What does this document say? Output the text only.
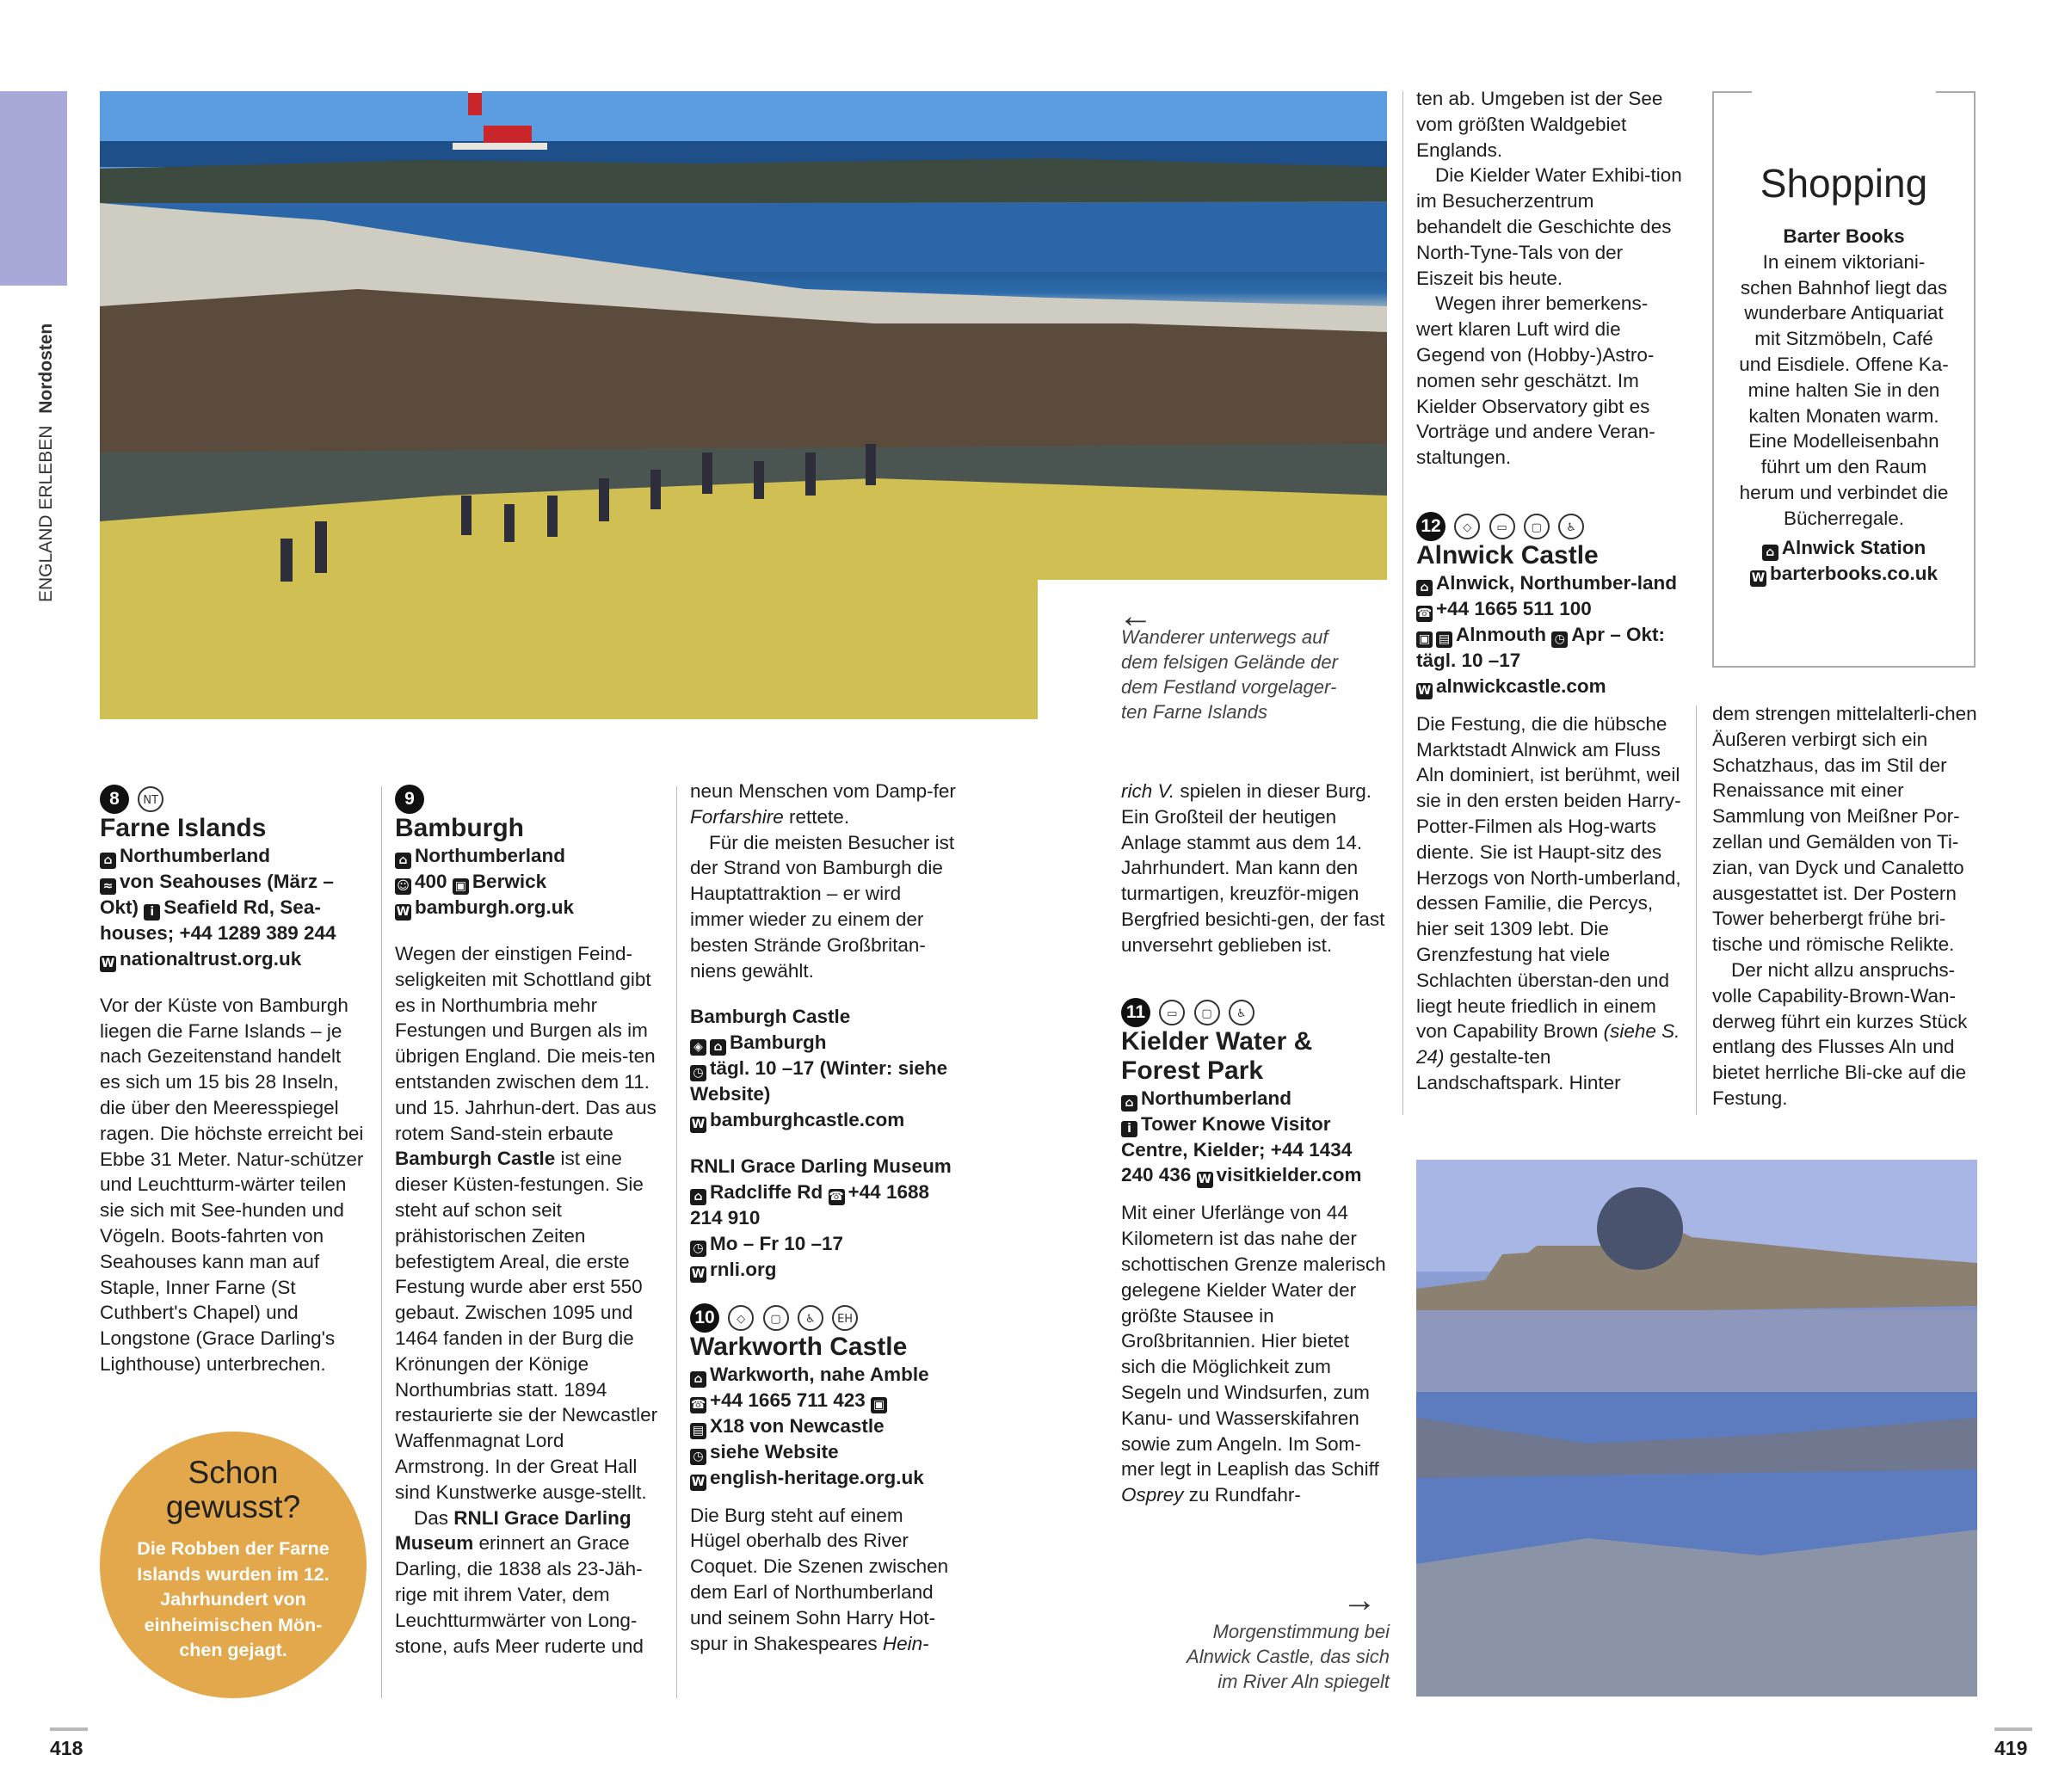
ENGLAND ERLEBEN Nordosten
←
Wanderer unterwegs auf dem felsigen Gelände der dem Festland vorgelager-ten Farne Islands
8 NT
Farne Islands
⌂ Northumberland
≈ von Seahouses (März – Okt) i Seafield Rd, Sea-houses; +44 1289 389 244
W nationaltrust.org.uk

Vor der Küste von Bamburgh liegen die Farne Islands – je nach Gezeitenstand handelt es sich um 15 bis 28 Inseln, die über den Meeresspiegel ragen. Die höchste erreicht bei Ebbe 31 Meter. Natur-schützer und Leuchtturm-wärter teilen sie sich mit See-hunden und Vögeln. Boots-fahrten von Seahouses kann man auf Staple, Inner Farne (St Cuthbert's Chapel) und Longstone (Grace Darling's Lighthouse) unterbrechen.

Schon
gewusst?
Die Robben der Farne Islands wurden im 12. Jahrhundert von einheimischen Mön-chen gejagt.
9
Bamburgh
⌂ Northumberland
☺ 400 ▣ Berwick
W bamburgh.org.uk

Wegen der einstigen Feind-seligkeiten mit Schottland gibt es in Northumbria mehr Festungen und Burgen als im übrigen England. Die meis-ten entstanden zwischen dem 11. und 15. Jahrhun-dert. Das aus rotem Sand-stein erbaute Bamburgh Castle ist eine dieser Küsten-festungen. Sie steht auf schon seit prähistorischen Zeiten befestigtem Areal, die erste Festung wurde aber erst 550 gebaut. Zwischen 1095 und 1464 fanden in der Burg die Krönungen der Könige Northumbrias statt. 1894 restaurierte sie der Newcastler Waffenmagnat Lord Armstrong. In der Great Hall sind Kunstwerke ausge-stellt.

Das RNLI Grace Darling Museum erinnert an Grace Darling, die 1838 als 23-Jäh-rige mit ihrem Vater, dem Leuchtturmwärter von Long-stone, aufs Meer ruderte und

neun Menschen vom Damp-fer Forfarshire rettete.

Für die meisten Besucher ist der Strand von Bamburgh die Hauptattraktion – er wird immer wieder zu einem der besten Strände Großbritan-niens gewählt.

Bamburgh Castle
◈ ⌂ Bamburgh
◷ tägl. 10 –17 (Winter: siehe Website)
W bamburghcastle.com
RNLI Grace Darling Museum
⌂ Radcliffe Rd ☎ +44 1688 214 910
◷ Mo – Fr 10 –17
W rnli.org
10 ◇ ▢ ♿ EH
Warkworth Castle
⌂ Warkworth, nahe Amble
☎ +44 1665 711 423 ▣
▤ X18 von Newcastle
◷ siehe Website
W english-heritage.org.uk

Die Burg steht auf einem Hügel oberhalb des River Coquet. Die Szenen zwischen dem Earl of Northumberland und seinem Sohn Harry Hot-spur in Shakespeares Hein-

rich V. spielen in dieser Burg. Ein Großteil der heutigen Anlage stammt aus dem 14. Jahrhundert. Man kann den turmartigen, kreuzför-migen Bergfried besichti-gen, der fast unversehrt geblieben ist.

11 ▭ ▢ ♿
Kielder Water &
Forest Park
⌂ Northumberland
i Tower Knowe Visitor Centre, Kielder; +44 1434 240 436 W visitkielder.com

Mit einer Uferlänge von 44 Kilometern ist das nahe der schottischen Grenze malerisch gelegene Kielder Water der größte Stausee in Großbritannien. Hier bietet sich die Möglichkeit zum Segeln und Windsurfen, zum Kanu- und Wasserskifahren sowie zum Angeln. Im Som-mer legt in Leaplish das Schiff Osprey zu Rundfahr-

→
Morgenstimmung bei Alnwick Castle, das sich im River Aln spiegelt

ten ab. Umgeben ist der See vom größten Waldgebiet Englands.

Die Kielder Water Exhibi-tion im Besucherzentrum behandelt die Geschichte des North-Tyne-Tals von der Eiszeit bis heute.

Wegen ihrer bemerkens-wert klaren Luft wird die Gegend von (Hobby-)Astro-nomen sehr geschätzt. Im Kielder Observatory gibt es Vorträge und andere Veran-staltungen.

12 ◇ ▭ ▢ ♿
Alnwick Castle
⌂ Alnwick, Northumber-land ☎ +44 1665 511 100
▣ ▤ Alnmouth ◷ Apr – Okt: tägl. 10 –17
W alnwickcastle.com

Die Festung, die die hübsche Marktstadt Alnwick am Fluss Aln dominiert, ist berühmt, weil sie in den ersten beiden Harry-Potter-Filmen als Hog-warts diente. Sie ist Haupt-sitz des Herzogs von North-umberland, dessen Familie, die Percys, hier seit 1309 lebt. Die Grenzfestung hat viele Schlachten überstan-den und liegt heute friedlich in einem von Capability Brown (siehe S. 24) gestalte-ten Landschaftspark. Hinter

Shopping
Barter Books
In einem viktoriani-schen Bahnhof liegt das wunderbare Antiquariat mit Sitzmöbeln, Café und Eisdiele. Offene Ka-mine halten Sie in den kalten Monaten warm. Eine Modelleisenbahn führt um den Raum herum und verbindet die Bücherregale.
⌂ Alnwick Station
W barterbooks.co.uk

dem strengen mittelalterli-chen Äußeren verbirgt sich ein Schatzhaus, das im Stil der Renaissance mit einer Sammlung von Meißner Por-zellan und Gemälden von Ti-zian, van Dyck und Canaletto ausgestattet ist. Der Postern Tower beherbergt frühe bri-tische und römische Relikte.

Der nicht allzu anspruchs-volle Capability-Brown-Wan-derweg führt ein kurzes Stück entlang des Flusses Aln und bietet herrliche Bli-cke auf die Festung.

418	419
